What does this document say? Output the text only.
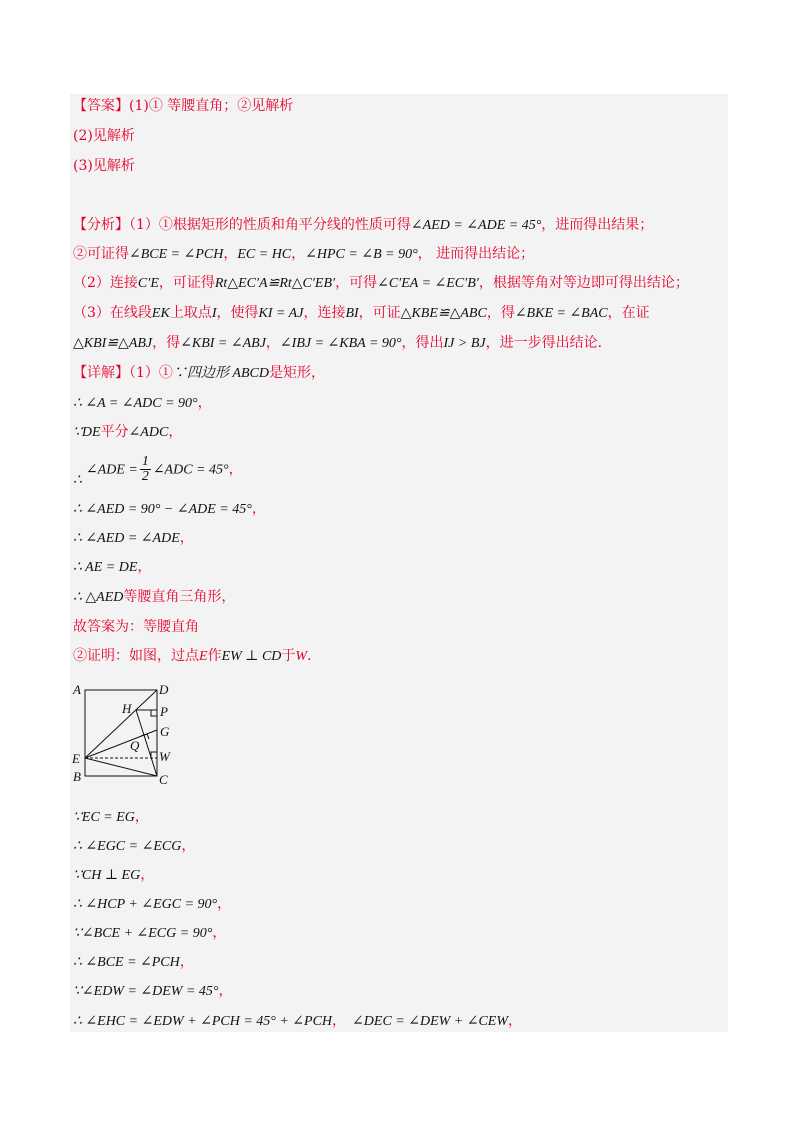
【答案】(1)① 等腰直角；②见解析
(2)见解析
(3)见解析
【分析】（1）①根据矩形的性质和角平分线的性质可得∠AED = ∠ADE = 45°，进而得出结果；
②可证得∠BCE = ∠PCH，EC = HC，∠HPC = ∠B = 90°， 进而得出结论；
（2）连接C′E，可证得Rt△EC′A≌Rt△C′EB′，可得∠C′EA = ∠EC′B′，根据等角对等边即可得出结论；
（3）在线段EK上取点I，使得KI = AJ，连接BI，可证△KBE≌△ABC，得∠BKE = ∠BAC，在证
△KBI≌△ABJ，得∠KBI = ∠ABJ，∠IBJ = ∠KBA = 90°，得出IJ > BJ，进一步得出结论．
【详解】（1）①∵四边形 ABCD是矩形，
∴ ∠A = ∠ADC = 90°，
∵DE平分∠ADC，
∴∠ADE = $\frac{1}{2}$ ∠ADC = 45°，
∴ ∠AED = 90° − ∠ADE = 45°，
∴ ∠AED = ∠ADE，
∴ AE = DE，
∴ △AED等腰直角三角形，
故答案为：等腰直角
②证明：如图，过点E作EW ⊥ CD于W．
A	D
H P
G
Q
E	W
B	C
∵EC = EG，
∴ ∠EGC = ∠ECG，
∵CH ⊥ EG，
∴ ∠HCP + ∠EGC = 90°，
∵∠BCE + ∠ECG = 90°，
∴ ∠BCE = ∠PCH，
∵∠EDW = ∠DEW = 45°，
∴ ∠EHC = ∠EDW + ∠PCH = 45° + ∠PCH， ∠DEC = ∠DEW + ∠CEW，
